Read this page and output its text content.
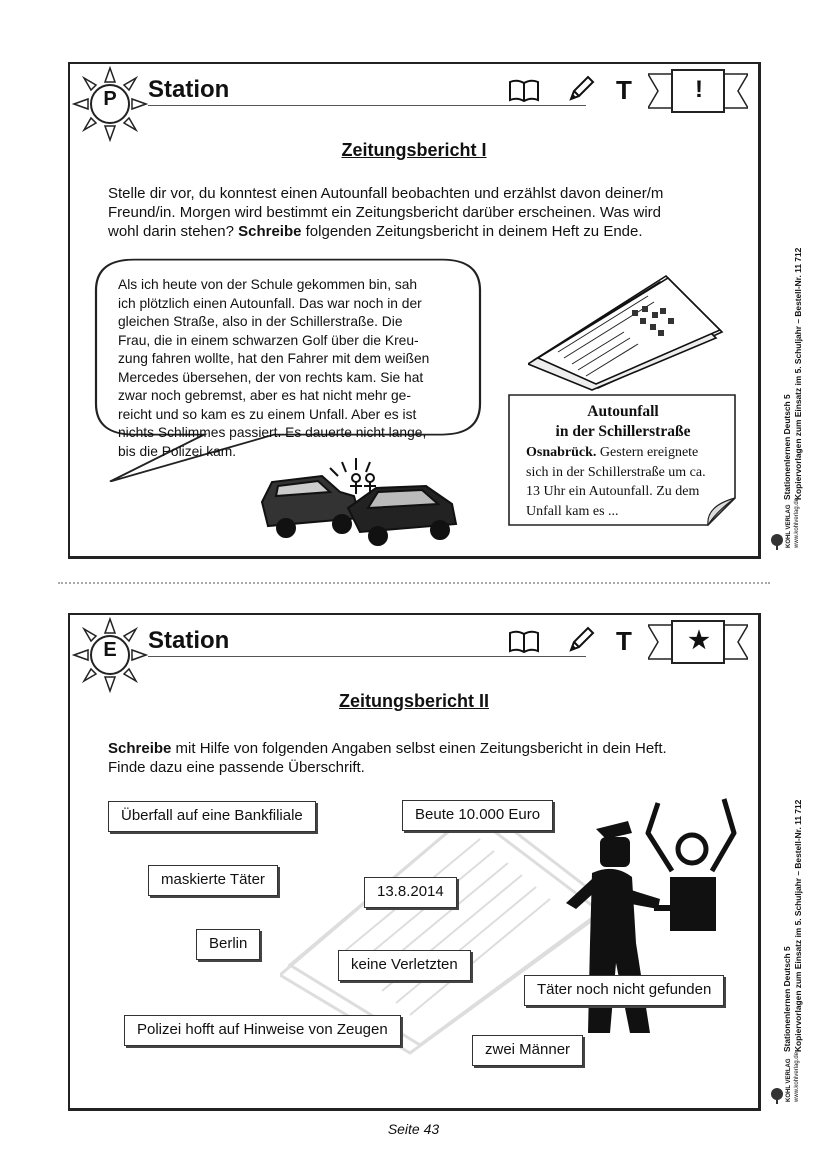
P	Station	T	!
Zeitungsbericht I
Stelle dir vor, du konntest einen Autounfall beobachten und erzählst davon deiner/m
Freund/in. Morgen wird bestimmt ein Zeitungsbericht darüber erscheinen. Was wird
wohl darin stehen? Schreibe folgenden Zeitungsbericht in deinem Heft zu Ende.
Als ich heute von der Schule gekommen bin, sah
ich plötzlich einen Autounfall. Das war noch in der
gleichen Straße, also in der Schillerstraße. Die
Frau, die in einem schwarzen Golf über die Kreu-
zung fahren wollte, hat den Fahrer mit dem weißen
Mercedes übersehen, der von rechts kam. Sie hat
zwar noch gebremst, aber es hat nicht mehr ge-
reicht und so kam es zu einem Unfall. Aber es ist
nichts Schlimmes passiert. Es dauerte nicht lange,
bis die Polizei kam.
Autounfall
in der Schillerstraße
Osnabrück. Gestern ereignete
sich in der Schillerstraße um ca.
13 Uhr ein Autounfall. Zu dem
Unfall kam es ...
E	Station	T	★
Zeitungsbericht II
Schreibe mit Hilfe von folgenden Angaben selbst einen Zeitungsbericht in dein Heft.
Finde dazu eine passende Überschrift.
Überfall auf eine Bankfiliale	Beute 10.000 Euro
maskierte Täter
13.8.2014
Berlin
keine Verletzten
Täter noch nicht gefunden
Polizei hofft auf Hinweise von Zeugen
zwei Männer
Stationenlernen Deutsch 5 Kopiervorlagen zum Einsatz im 5. Schuljahr – Bestell-Nr. 11 712
KOHL VERLAG www.kohlverlag.de
Stationenlernen Deutsch 5 Kopiervorlagen zum Einsatz im 5. Schuljahr – Bestell-Nr. 11 712
KOHL VERLAG www.kohlverlag.de
Seite 43
